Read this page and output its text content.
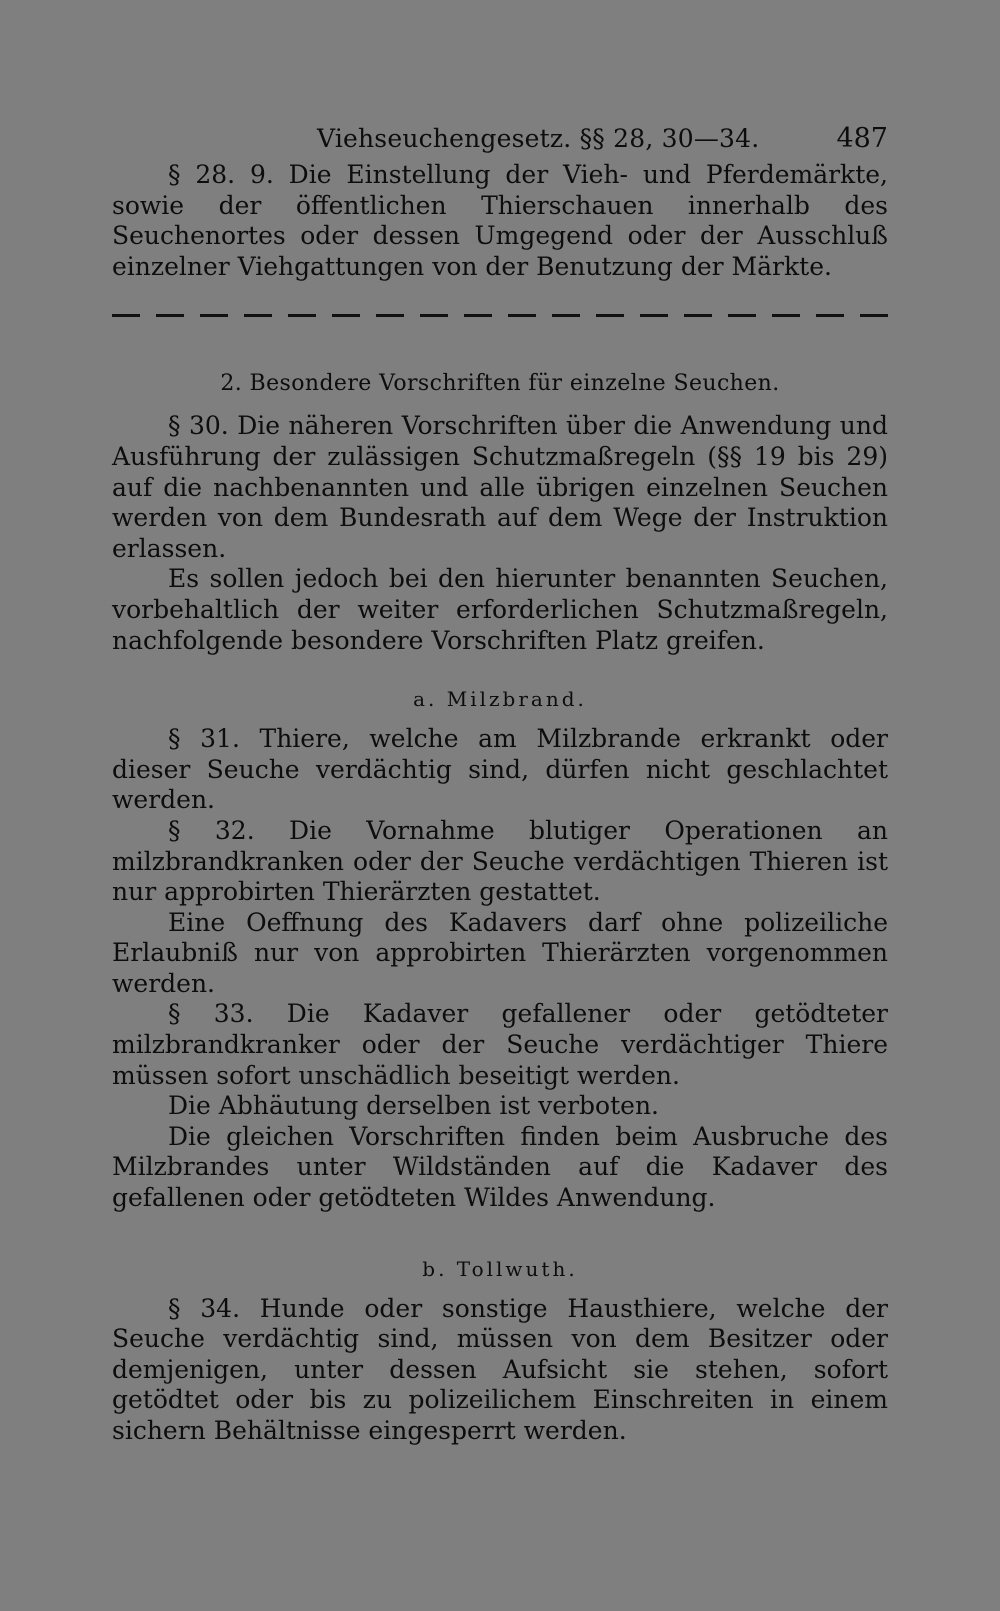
Viehseuchengesetz. §§ 28, 30—34.	487

§ 28. 9. Die Einstellung der Vieh- und Pferdemärkte, sowie der öffentlichen Thierschauen innerhalb des Seuchenortes oder dessen Umgegend oder der Ausschluß einzelner Viehgattungen von der Benutzung der Märkte.

2. Besondere Vorschriften für einzelne Seuchen.

§ 30. Die näheren Vorschriften über die Anwendung und Ausführung der zulässigen Schutzmaßregeln (§§ 19 bis 29) auf die nachbenannten und alle übrigen einzelnen Seuchen werden von dem Bundesrath auf dem Wege der Instruktion erlassen.

Es sollen jedoch bei den hierunter benannten Seuchen, vorbehaltlich der weiter erforderlichen Schutzmaßregeln, nachfolgende besondere Vorschriften Platz greifen.

a. Milzbrand.

§ 31. Thiere, welche am Milzbrande erkrankt oder dieser Seuche verdächtig sind, dürfen nicht geschlachtet werden.

§ 32. Die Vornahme blutiger Operationen an milzbrandkranken oder der Seuche verdächtigen Thieren ist nur approbirten Thierärzten gestattet.

Eine Oeffnung des Kadavers darf ohne polizeiliche Erlaubniß nur von approbirten Thierärzten vorgenommen werden.

§ 33. Die Kadaver gefallener oder getödteter milzbrandkranker oder der Seuche verdächtiger Thiere müssen sofort unschädlich beseitigt werden.

Die Abhäutung derselben ist verboten.

Die gleichen Vorschriften finden beim Ausbruche des Milzbrandes unter Wildständen auf die Kadaver des gefallenen oder getödteten Wildes Anwendung.

b. Tollwuth.

§ 34. Hunde oder sonstige Hausthiere, welche der Seuche verdächtig sind, müssen von dem Besitzer oder demjenigen, unter dessen Aufsicht sie stehen, sofort getödtet oder bis zu polizeilichem Einschreiten in einem sichern Behältnisse eingesperrt werden.
